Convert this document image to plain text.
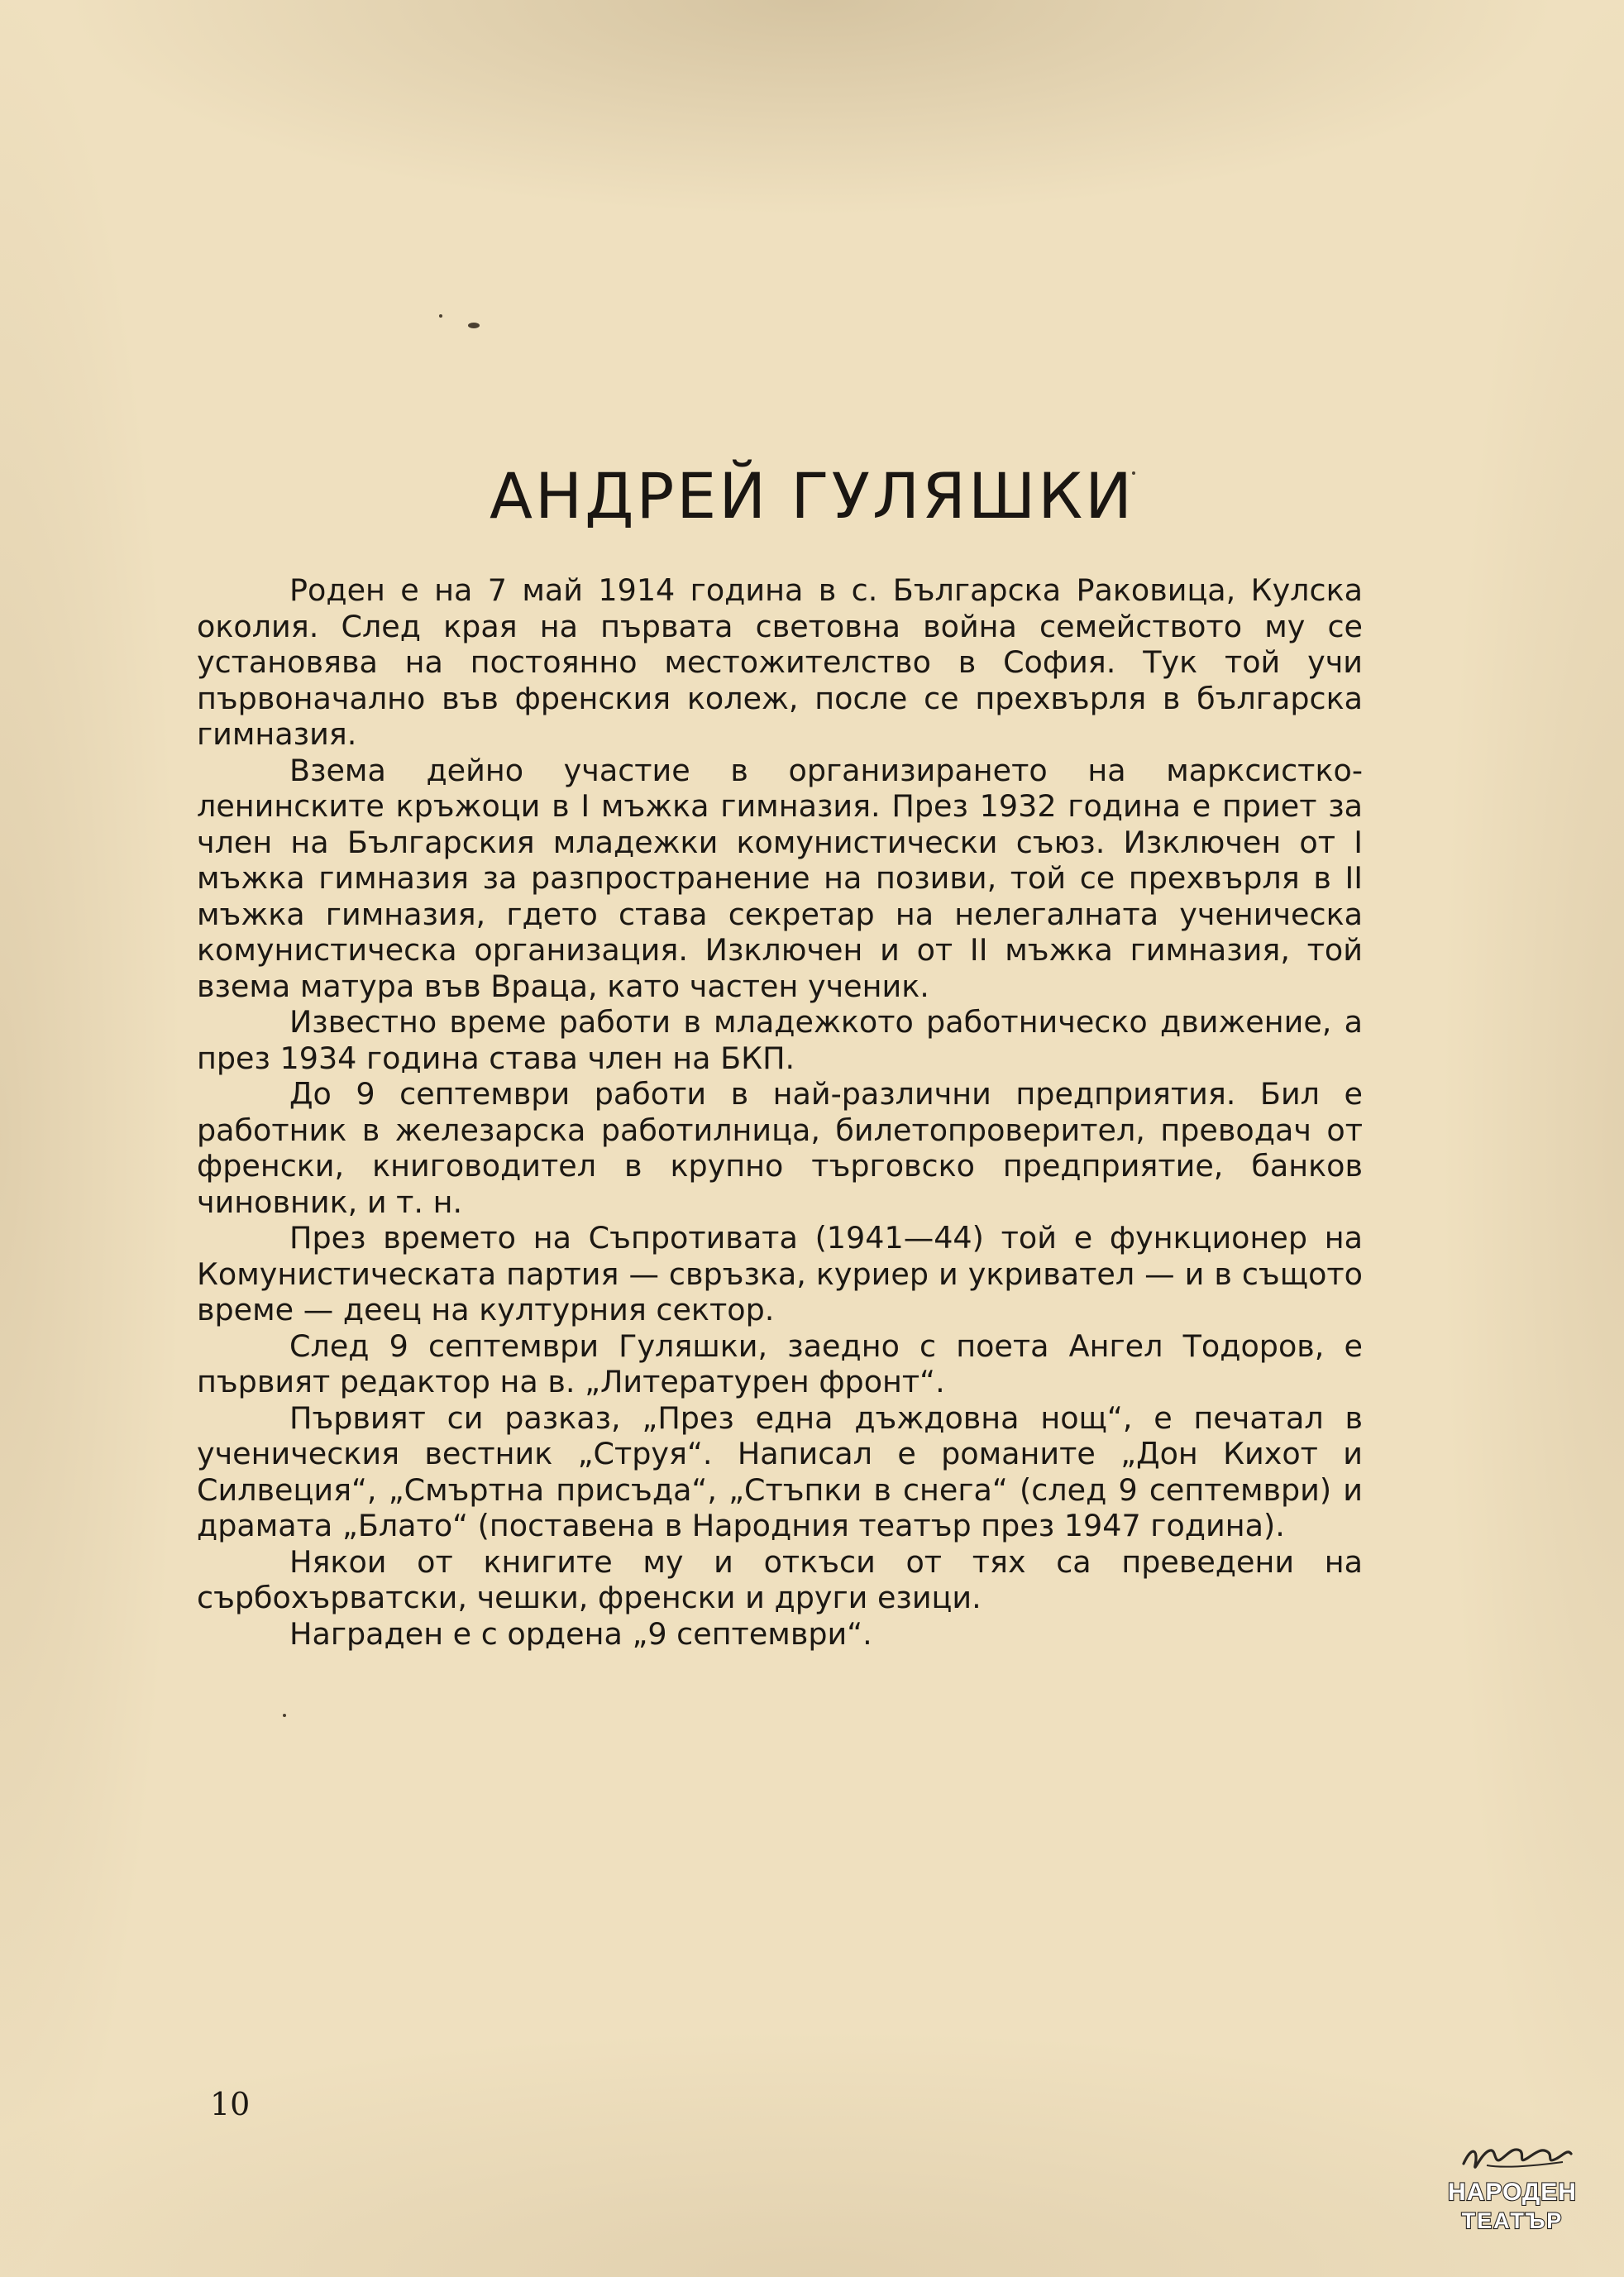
АНДРЕЙ ГУЛЯШКИ

Роден е на 7 май 1914 година в с. Българска Раковица, Кулска околия. След края на първата световна война семейството му се установява на постоянно местожителство в София. Тук той учи първоначално във френския колеж, после се прехвърля в българска гимназия.

Взема дейно участие в организирането на марксистко-ленинските кръжоци в I мъжка гимназия. През 1932 година е приет за член на Българския младежки комунистически съюз. Изключен от I мъжка гимназия за разпространение на позиви, той се прехвърля в II мъжка гимназия, гдето става секретар на нелегалната ученическа комунистическа организация. Изключен и от II мъжка гимназия, той взема матура във Враца, като частен ученик.

Известно време работи в младежкото работническо движение, а през 1934 година става член на БКП.

До 9 септември работи в най-различни предприятия. Бил е работник в железарска работилница, билетопроверител, преводач от френски, книговодител в крупно търговско предприятие, банков чиновник, и т. н.

През времето на Съпротивата (1941—44) той е функционер на Комунистическата партия — свръзка, куриер и укривател — и в същото време — деец на културния сектор.

След 9 септември Гуляшки, заедно с поета Ангел Тодоров, е първият редактор на в. „Литературен фронт“.

Първият си разказ, „През една дъждовна нощ“, е печатал в ученическия вестник „Струя“. Написал е романите „Дон Кихот и Силвеция“, „Смъртна присъда“, „Стъпки в снега“ (след 9 септември) и драмата „Блато“ (поставена в Народния театър през 1947 година).

Някои от книгите му и откъси от тях са преведени на сърбохърватски, чешки, френски и други езици.

Награден е с ордена „9 септември“.

10
НАРОДЕН
ТЕАТЪР
